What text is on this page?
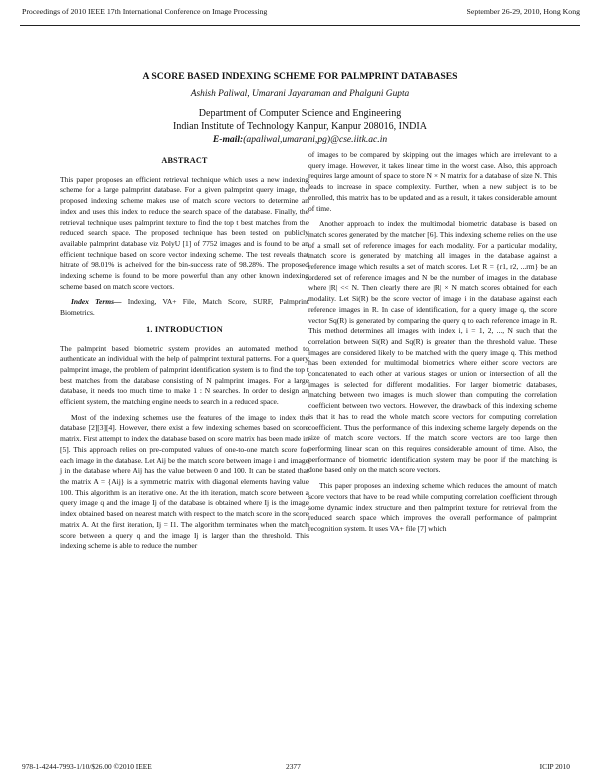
Proceedings of 2010 IEEE 17th International Conference on Image Processing	September 26-29, 2010, Hong Kong
A SCORE BASED INDEXING SCHEME FOR PALMPRINT DATABASES
Ashish Paliwal, Umarani Jayaraman and Phalguni Gupta
Department of Computer Science and Engineering
Indian Institute of Technology Kanpur, Kanpur 208016, INDIA
E-mail:(apaliwal,umarani,pg)@cse.iitk.ac.in
ABSTRACT

This paper proposes an efficient retrieval technique which uses a new indexing scheme for a large palmprint database. For a given palmprint query image, the proposed indexing scheme makes use of match score vectors to determine an index and uses this index to reduce the search space of the database. Finally, the retrieval technique uses palmprint texture to find the top t best matches from the reduced search space. The proposed technique has been tested on publicly available palmprint database viz PolyU [1] of 7752 images and is found to be an efficient technique based on score vector indexing scheme. The test reveals that hitrate of 98.01% is acheived for the bin-success rate of 98.28%. The proposed indexing scheme is found to be more powerful than any other known indexing scheme based on match score vectors.

Index Terms— Indexing, VA+ File, Match Score, SURF, Palmprint Biometrics.

1. INTRODUCTION

The palmprint based biometric system provides an automated method to authenticate an individual with the help of palmprint textural patterns. For a query palmprint image, the problem of palmprint identification system is to find the top t best matches from the database consisting of N palmprint images. For a large database, it needs too much time to make 1 : N searches. In order to design an efficient system, the matching engine needs to search in a reduced space.

Most of the indexing schemes use the features of the image to index the database [2][3][4]. However, there exist a few indexing schemes based on score matrix. First attempt to index the database based on score matrix has been made in [5]. This approach relies on pre-computed values of one-to-one match score for each image in the database. Let Aij be the match score between image i and image j in the database where Aij has the value between 0 and 100. It can be stated that the matrix A = {Aij} is a symmetric matrix with diagonal elements having value 100. This algorithm is an iterative one. At the ith iteration, match score between a query image q and the image Ij of the database is obtained where Ij is the image index obtained based on nearest match with respect to the match score in the score matrix A. At the first iteration, Ij = I1. The algorithm terminates when the match score between a query q and the image Ij is larger than the threshold. This indexing scheme is able to reduce the number

of images to be compared by skipping out the images which are irrelevant to a query image. However, it takes linear time in the worst case. Also, this approach requires large amount of space to store N × N matrix for a database of size N. This leads to increase in space complexity. Further, when a new subject is to be enrolled, this matrix has to be updated and as a result, it takes considerable amount of time.

Another approach to index the multimodal biometric database is based on match scores generated by the matcher [6]. This indexing scheme relies on the use of a small set of reference images for each modality. For a particular modality, match score is generated by matching all images in the database against a reference image which results a set of match scores. Let R = {r1, r2, ...rm} be an ordered set of reference images and N be the number of images in the database where |R| << N. Then clearly there are |R| × N match scores obtained for each modality. Let Si(R) be the score vector of image i in the database against each reference images in R. In case of identification, for a query image q, the score vector Sq(R) is generated by comparing the query q to each reference image in R. This method determines all images with index i, i = 1, 2, ..., N such that the correlation between Si(R) and Sq(R) is greater than the threshold value. These images are considered likely to be matched with the query image q. This method has been extended for multimodal biometrics where either score vectors are concatenated to each other at various stages or union or intersection of all the images is selected for different modalities. For larger biometric databases, matching between two images is much slower than computing the correlation coefficient between two vectors. However, the drawback of this indexing scheme is that it has to read the whole match score vectors for computing correlation coefficient. Thus the performance of this indexing scheme largely depends on the size of match score vectors. If the match score vectors are too large then performing linear scan on this requires considerable amount of time. Also, the performance of biometric identification system may be poor if the matching is done based only on the match score vectors.

This paper proposes an indexing scheme which reduces the amount of match score vectors that have to be read while computing correlation coefficient through some dynamic index structure and then palmprint texture for retrieval from the reduced search space which improves the overall performance of palmprint recognition system. It uses VA+ file [7] which

978-1-4244-7993-1/10/$26.00 ©2010 IEEE	2377	ICIP 2010
